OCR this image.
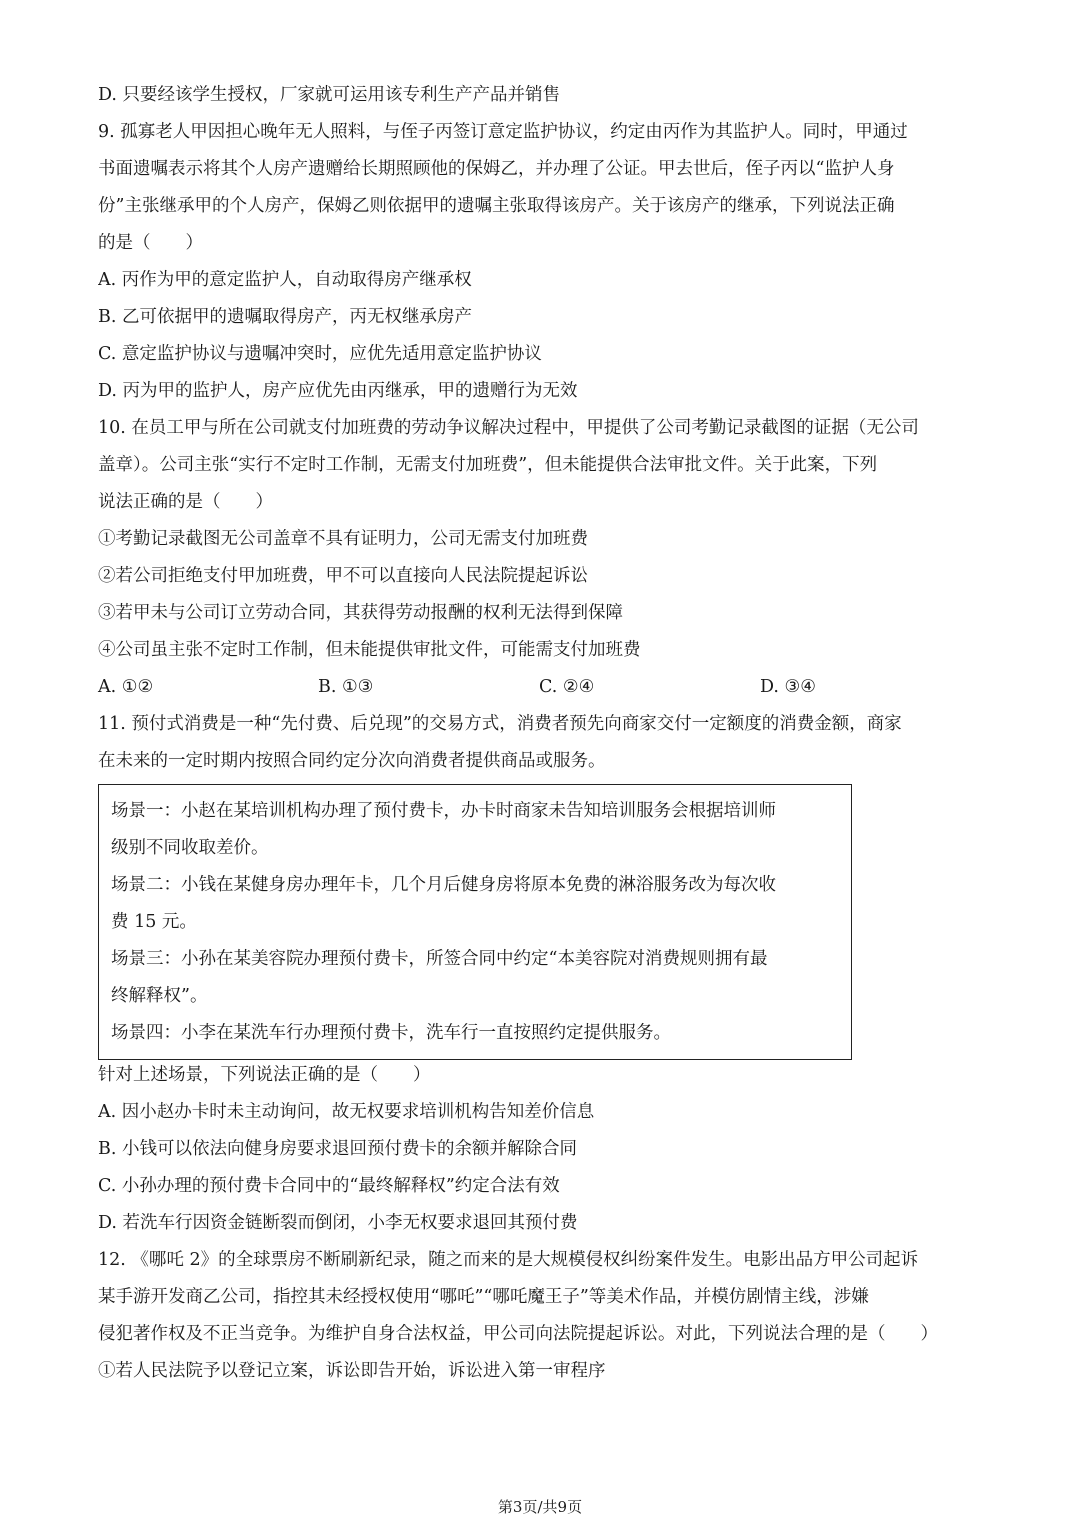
D. 只要经该学生授权，厂家就可运用该专利生产产品并销售
9. 孤寡老人甲因担心晚年无人照料，与侄子丙签订意定监护协议，约定由丙作为其监护人。同时，甲通过
书面遗嘱表示将其个人房产遗赠给长期照顾他的保姆乙，并办理了公证。甲去世后，侄子丙以“监护人身
份”主张继承甲的个人房产，保姆乙则依据甲的遗嘱主张取得该房产。关于该房产的继承，下列说法正确
的是（　　）
A. 丙作为甲的意定监护人，自动取得房产继承权
B. 乙可依据甲的遗嘱取得房产，丙无权继承房产
C. 意定监护协议与遗嘱冲突时，应优先适用意定监护协议
D. 丙为甲的监护人，房产应优先由丙继承，甲的遗赠行为无效
10. 在员工甲与所在公司就支付加班费的劳动争议解决过程中，甲提供了公司考勤记录截图的证据（无公司
盖章）。公司主张“实行不定时工作制，无需支付加班费”，但未能提供合法审批文件。关于此案，下列
说法正确的是（　　）
①考勤记录截图无公司盖章不具有证明力，公司无需支付加班费
②若公司拒绝支付甲加班费，甲不可以直接向人民法院提起诉讼
③若甲未与公司订立劳动合同，其获得劳动报酬的权利无法得到保障
④公司虽主张不定时工作制，但未能提供审批文件，可能需支付加班费
A. ①②	B. ①③	C. ②④	D. ③④
11. 预付式消费是一种“先付费、后兑现”的交易方式，消费者预先向商家交付一定额度的消费金额，商家
在未来的一定时期内按照合同约定分次向消费者提供商品或服务。
场景一：小赵在某培训机构办理了预付费卡，办卡时商家未告知培训服务会根据培训师
级别不同收取差价。
场景二：小钱在某健身房办理年卡，几个月后健身房将原本免费的淋浴服务改为每次收
费 15 元。
场景三：小孙在某美容院办理预付费卡，所签合同中约定“本美容院对消费规则拥有最
终解释权”。
场景四：小李在某洗车行办理预付费卡，洗车行一直按照约定提供服务。
针对上述场景，下列说法正确的是（　　）
A. 因小赵办卡时未主动询问，故无权要求培训机构告知差价信息
B. 小钱可以依法向健身房要求退回预付费卡的余额并解除合同
C. 小孙办理的预付费卡合同中的“最终解释权”约定合法有效
D. 若洗车行因资金链断裂而倒闭，小李无权要求退回其预付费
12. 《哪吒 2》的全球票房不断刷新纪录，随之而来的是大规模侵权纠纷案件发生。电影出品方甲公司起诉
某手游开发商乙公司，指控其未经授权使用“哪吒”“哪吒魔王子”等美术作品，并模仿剧情主线，涉嫌
侵犯著作权及不正当竞争。为维护自身合法权益，甲公司向法院提起诉讼。对此，下列说法合理的是（　　）
①若人民法院予以登记立案，诉讼即告开始，诉讼进入第一审程序
第3页/共9页
